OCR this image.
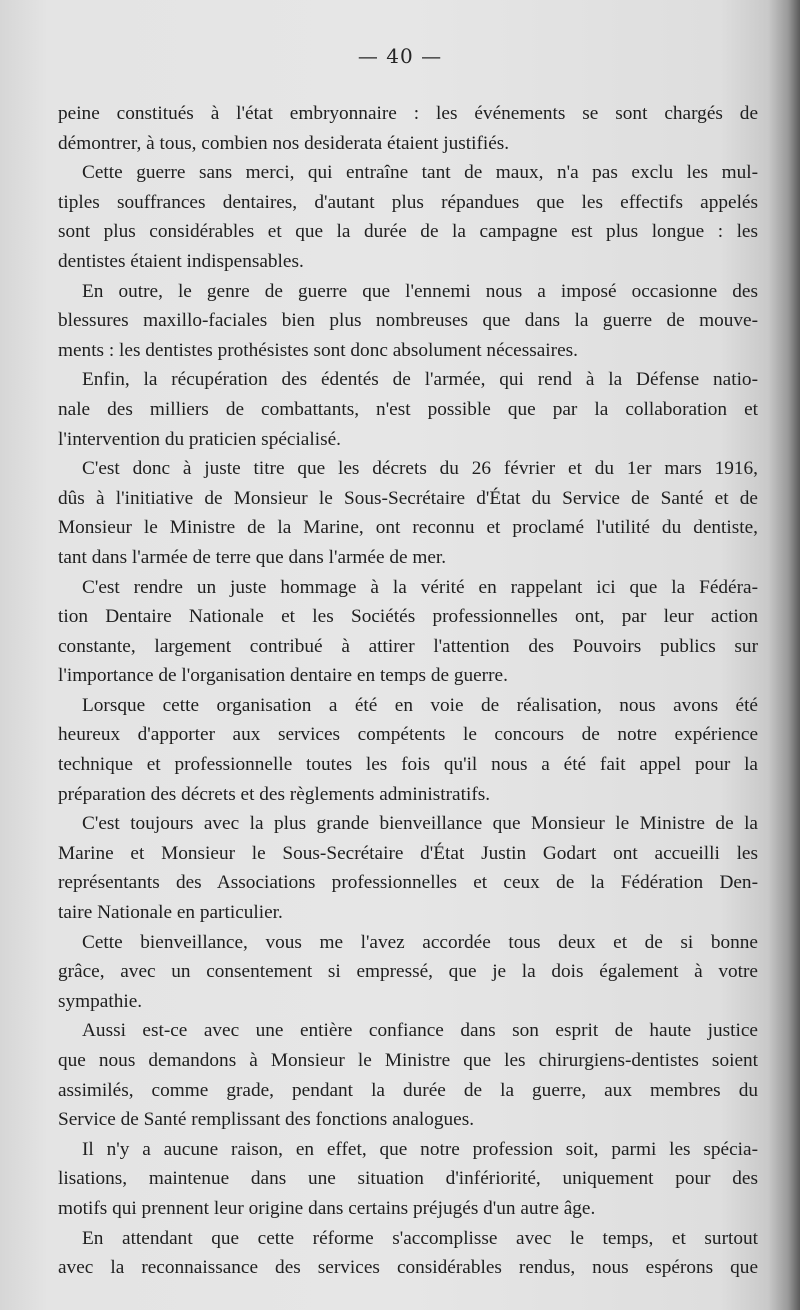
— 40 —
peine constitués à l'état embryonnaire : les événements se sont chargés de
démontrer, à tous, combien nos desiderata étaient justifiés.
Cette guerre sans merci, qui entraîne tant de maux, n'a pas exclu les mul-
tiples souffrances dentaires, d'autant plus répandues que les effectifs appelés
sont plus considérables et que la durée de la campagne est plus longue : les
dentistes étaient indispensables.
En outre, le genre de guerre que l'ennemi nous a imposé occasionne des
blessures maxillo-faciales bien plus nombreuses que dans la guerre de mouve-
ments : les dentistes prothésistes sont donc absolument nécessaires.
Enfin, la récupération des édentés de l'armée, qui rend à la Défense natio-
nale des milliers de combattants, n'est possible que par la collaboration et
l'intervention du praticien spécialisé.
C'est donc à juste titre que les décrets du 26 février et du 1er mars 1916,
dûs à l'initiative de Monsieur le Sous-Secrétaire d'État du Service de Santé et de
Monsieur le Ministre de la Marine, ont reconnu et proclamé l'utilité du dentiste,
tant dans l'armée de terre que dans l'armée de mer.
C'est rendre un juste hommage à la vérité en rappelant ici que la Fédéra-
tion Dentaire Nationale et les Sociétés professionnelles ont, par leur action
constante, largement contribué à attirer l'attention des Pouvoirs publics sur
l'importance de l'organisation dentaire en temps de guerre.
Lorsque cette organisation a été en voie de réalisation, nous avons été
heureux d'apporter aux services compétents le concours de notre expérience
technique et professionnelle toutes les fois qu'il nous a été fait appel pour la
préparation des décrets et des règlements administratifs.
C'est toujours avec la plus grande bienveillance que Monsieur le Ministre de la
Marine et Monsieur le Sous-Secrétaire d'État Justin Godart ont accueilli les
représentants des Associations professionnelles et ceux de la Fédération Den-
taire Nationale en particulier.
Cette bienveillance, vous me l'avez accordée tous deux et de si bonne
grâce, avec un consentement si empressé, que je la dois également à votre
sympathie.
Aussi est-ce avec une entière confiance dans son esprit de haute justice
que nous demandons à Monsieur le Ministre que les chirurgiens-dentistes soient
assimilés, comme grade, pendant la durée de la guerre, aux membres du
Service de Santé remplissant des fonctions analogues.
Il n'y a aucune raison, en effet, que notre profession soit, parmi les spécia-
lisations, maintenue dans une situation d'infériorité, uniquement pour des
motifs qui prennent leur origine dans certains préjugés d'un autre âge.
En attendant que cette réforme s'accomplisse avec le temps, et surtout
avec la reconnaissance des services considérables rendus, nous espérons que
